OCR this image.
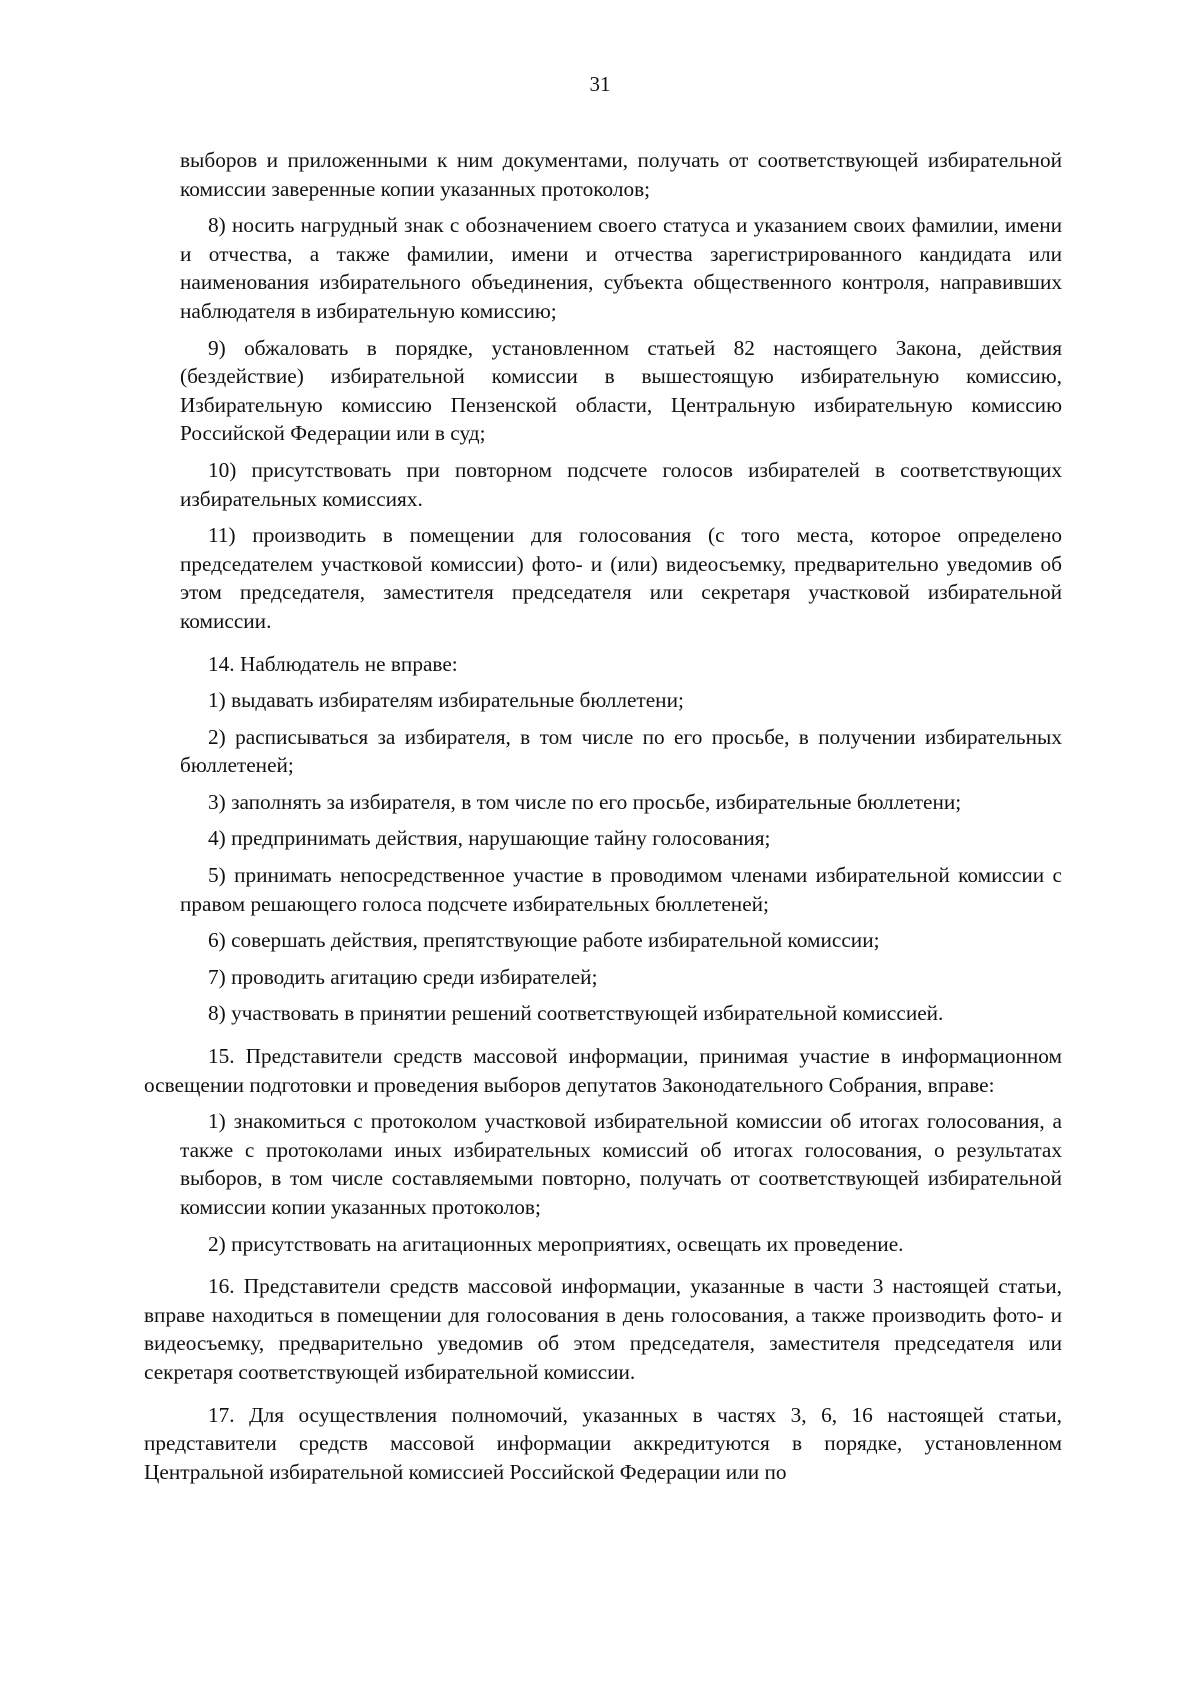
31

выборов и приложенными к ним документами, получать от соответствующей избирательной комиссии заверенные копии указанных протоколов;

8) носить нагрудный знак с обозначением своего статуса и указанием своих фамилии, имени и отчества, а также фамилии, имени и отчества зарегистрированного кандидата или наименования избирательного объединения, субъекта общественного контроля, направивших наблюдателя в избирательную комиссию;

9) обжаловать в порядке, установленном статьей 82 настоящего Закона, действия (бездействие) избирательной комиссии в вышестоящую избирательную комиссию, Избирательную комиссию Пензенской области, Центральную избирательную комиссию Российской Федерации или в суд;

10) присутствовать при повторном подсчете голосов избирателей в соответствующих избирательных комиссиях.

11) производить в помещении для голосования (с того места, которое определено председателем участковой комиссии) фото- и (или) видеосъемку, предварительно уведомив об этом председателя, заместителя председателя или секретаря участковой избирательной комиссии.

14. Наблюдатель не вправе:

1) выдавать избирателям избирательные бюллетени;

2) расписываться за избирателя, в том числе по его просьбе, в получении избирательных бюллетеней;

3) заполнять за избирателя, в том числе по его просьбе, избирательные бюллетени;

4) предпринимать действия, нарушающие тайну голосования;

5) принимать непосредственное участие в проводимом членами избирательной комиссии с правом решающего голоса подсчете избирательных бюллетеней;

6) совершать действия, препятствующие работе избирательной комиссии;

7) проводить агитацию среди избирателей;

8) участвовать в принятии решений соответствующей избирательной комиссией.

15. Представители средств массовой информации, принимая участие в информационном освещении подготовки и проведения выборов депутатов Законодательного Собрания, вправе:

1) знакомиться с протоколом участковой избирательной комиссии об итогах голосования, а также с протоколами иных избирательных комиссий об итогах голосования, о результатах выборов, в том числе составляемыми повторно, получать от соответствующей избирательной комиссии копии указанных протоколов;

2) присутствовать на агитационных мероприятиях, освещать их проведение.

16. Представители средств массовой информации, указанные в части 3 настоящей статьи, вправе находиться в помещении для голосования в день голосования, а также производить фото- и видеосъемку, предварительно уведомив об этом председателя, заместителя председателя или секретаря соответствующей избирательной комиссии.

17. Для осуществления полномочий, указанных в частях 3, 6, 16 настоящей статьи, представители средств массовой информации аккредитуются в порядке, установленном Центральной избирательной комиссией Российской Федерации или по
